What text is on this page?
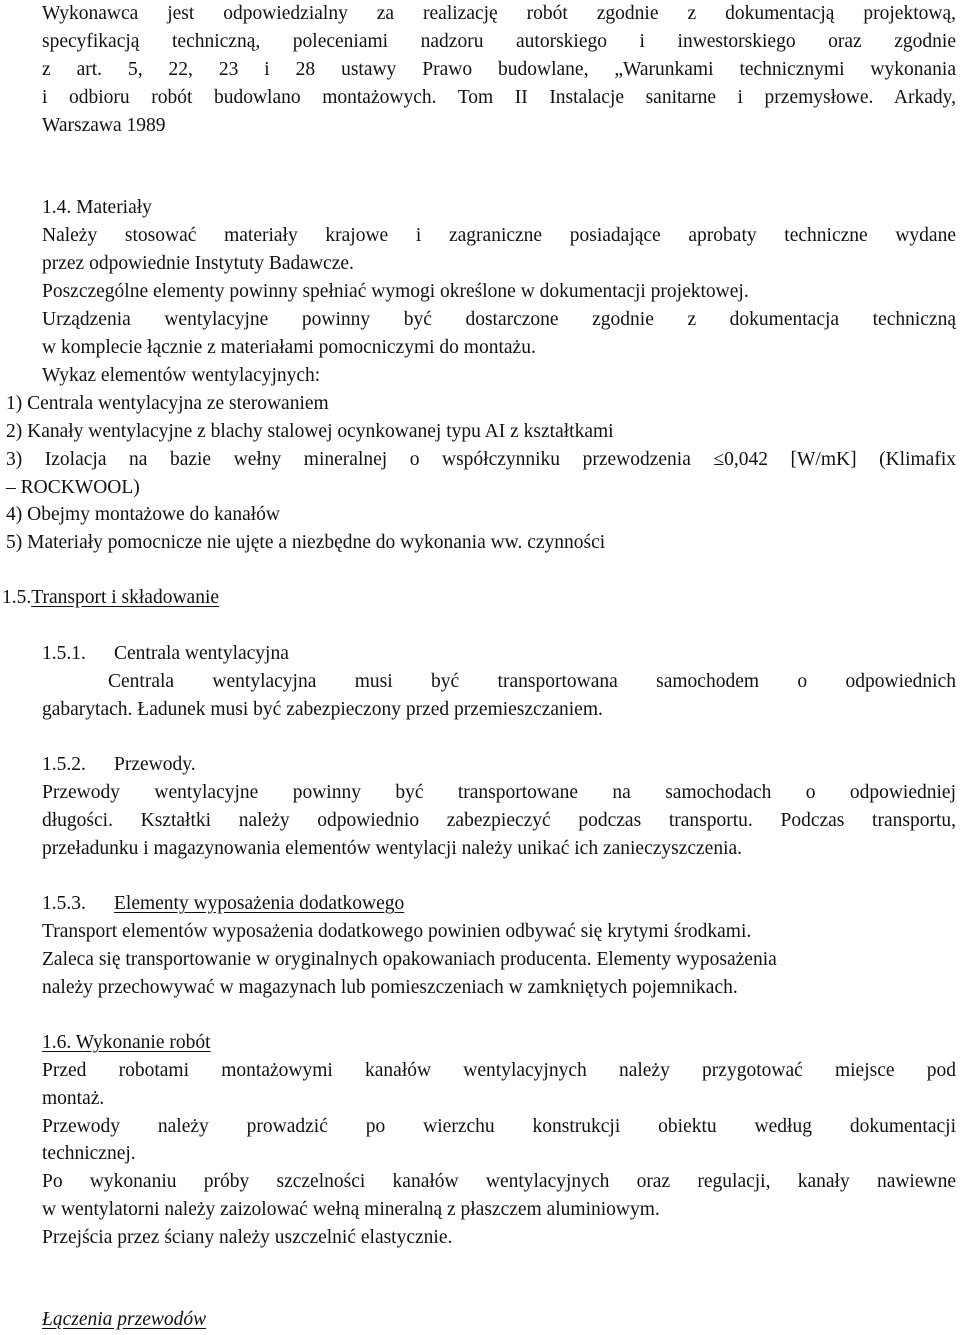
Wykonawca jest odpowiedzialny za realizację robót zgodnie z dokumentacją projektową,
specyfikacją techniczną, poleceniami nadzoru autorskiego i inwestorskiego oraz zgodnie
z art. 5, 22, 23 i 28 ustawy Prawo budowlane, „Warunkami technicznymi wykonania
i odbioru robót budowlano montażowych. Tom II Instalacje sanitarne i przemysłowe. Arkady,
Warszawa 1989
1.4. Materiały
Należy stosować materiały krajowe i zagraniczne posiadające aprobaty techniczne wydane
przez odpowiednie Instytuty Badawcze.
Poszczególne elementy powinny spełniać wymogi określone w dokumentacji projektowej.
Urządzenia wentylacyjne powinny być dostarczone zgodnie z dokumentacja techniczną
w komplecie łącznie z materiałami pomocniczymi do montażu.
Wykaz elementów wentylacyjnych:
1) Centrala wentylacyjna ze sterowaniem
2) Kanały wentylacyjne z blachy stalowej ocynkowanej typu AI z kształtkami
3) Izolacja na bazie wełny mineralnej o współczynniku przewodzenia ≤0,042 [W/mK] (Klimafix
– ROCKWOOL)
4) Obejmy montażowe do kanałów
5) Materiały pomocnicze nie ujęte a niezbędne do wykonania ww. czynności
1.5.Transport i składowanie
1.5.1. Centrala wentylacyjna
Centrala wentylacyjna musi być transportowana samochodem o odpowiednich
gabarytach. Ładunek musi być zabezpieczony przed przemieszczaniem.
1.5.2. Przewody.
Przewody wentylacyjne powinny być transportowane na samochodach o odpowiedniej
długości. Kształtki należy odpowiednio zabezpieczyć podczas transportu. Podczas transportu,
przeładunku i magazynowania elementów wentylacji należy unikać ich zanieczyszczenia.
1.5.3. Elementy wyposażenia dodatkowego
Transport elementów wyposażenia dodatkowego powinien odbywać się krytymi środkami.
Zaleca się transportowanie w oryginalnych opakowaniach producenta. Elementy wyposażenia
należy przechowywać w magazynach lub pomieszczeniach w zamkniętych pojemnikach.
1.6. Wykonanie robót
Przed robotami montażowymi kanałów wentylacyjnych należy przygotować miejsce pod
montaż.
Przewody należy prowadzić po wierzchu konstrukcji obiektu według dokumentacji
technicznej.
Po wykonaniu próby szczelności kanałów wentylacyjnych oraz regulacji, kanały nawiewne
w wentylatorni należy zaizolować wełną mineralną z płaszczem aluminiowym.
Przejścia przez ściany należy uszczelnić elastycznie.
Łączenia przewodów
